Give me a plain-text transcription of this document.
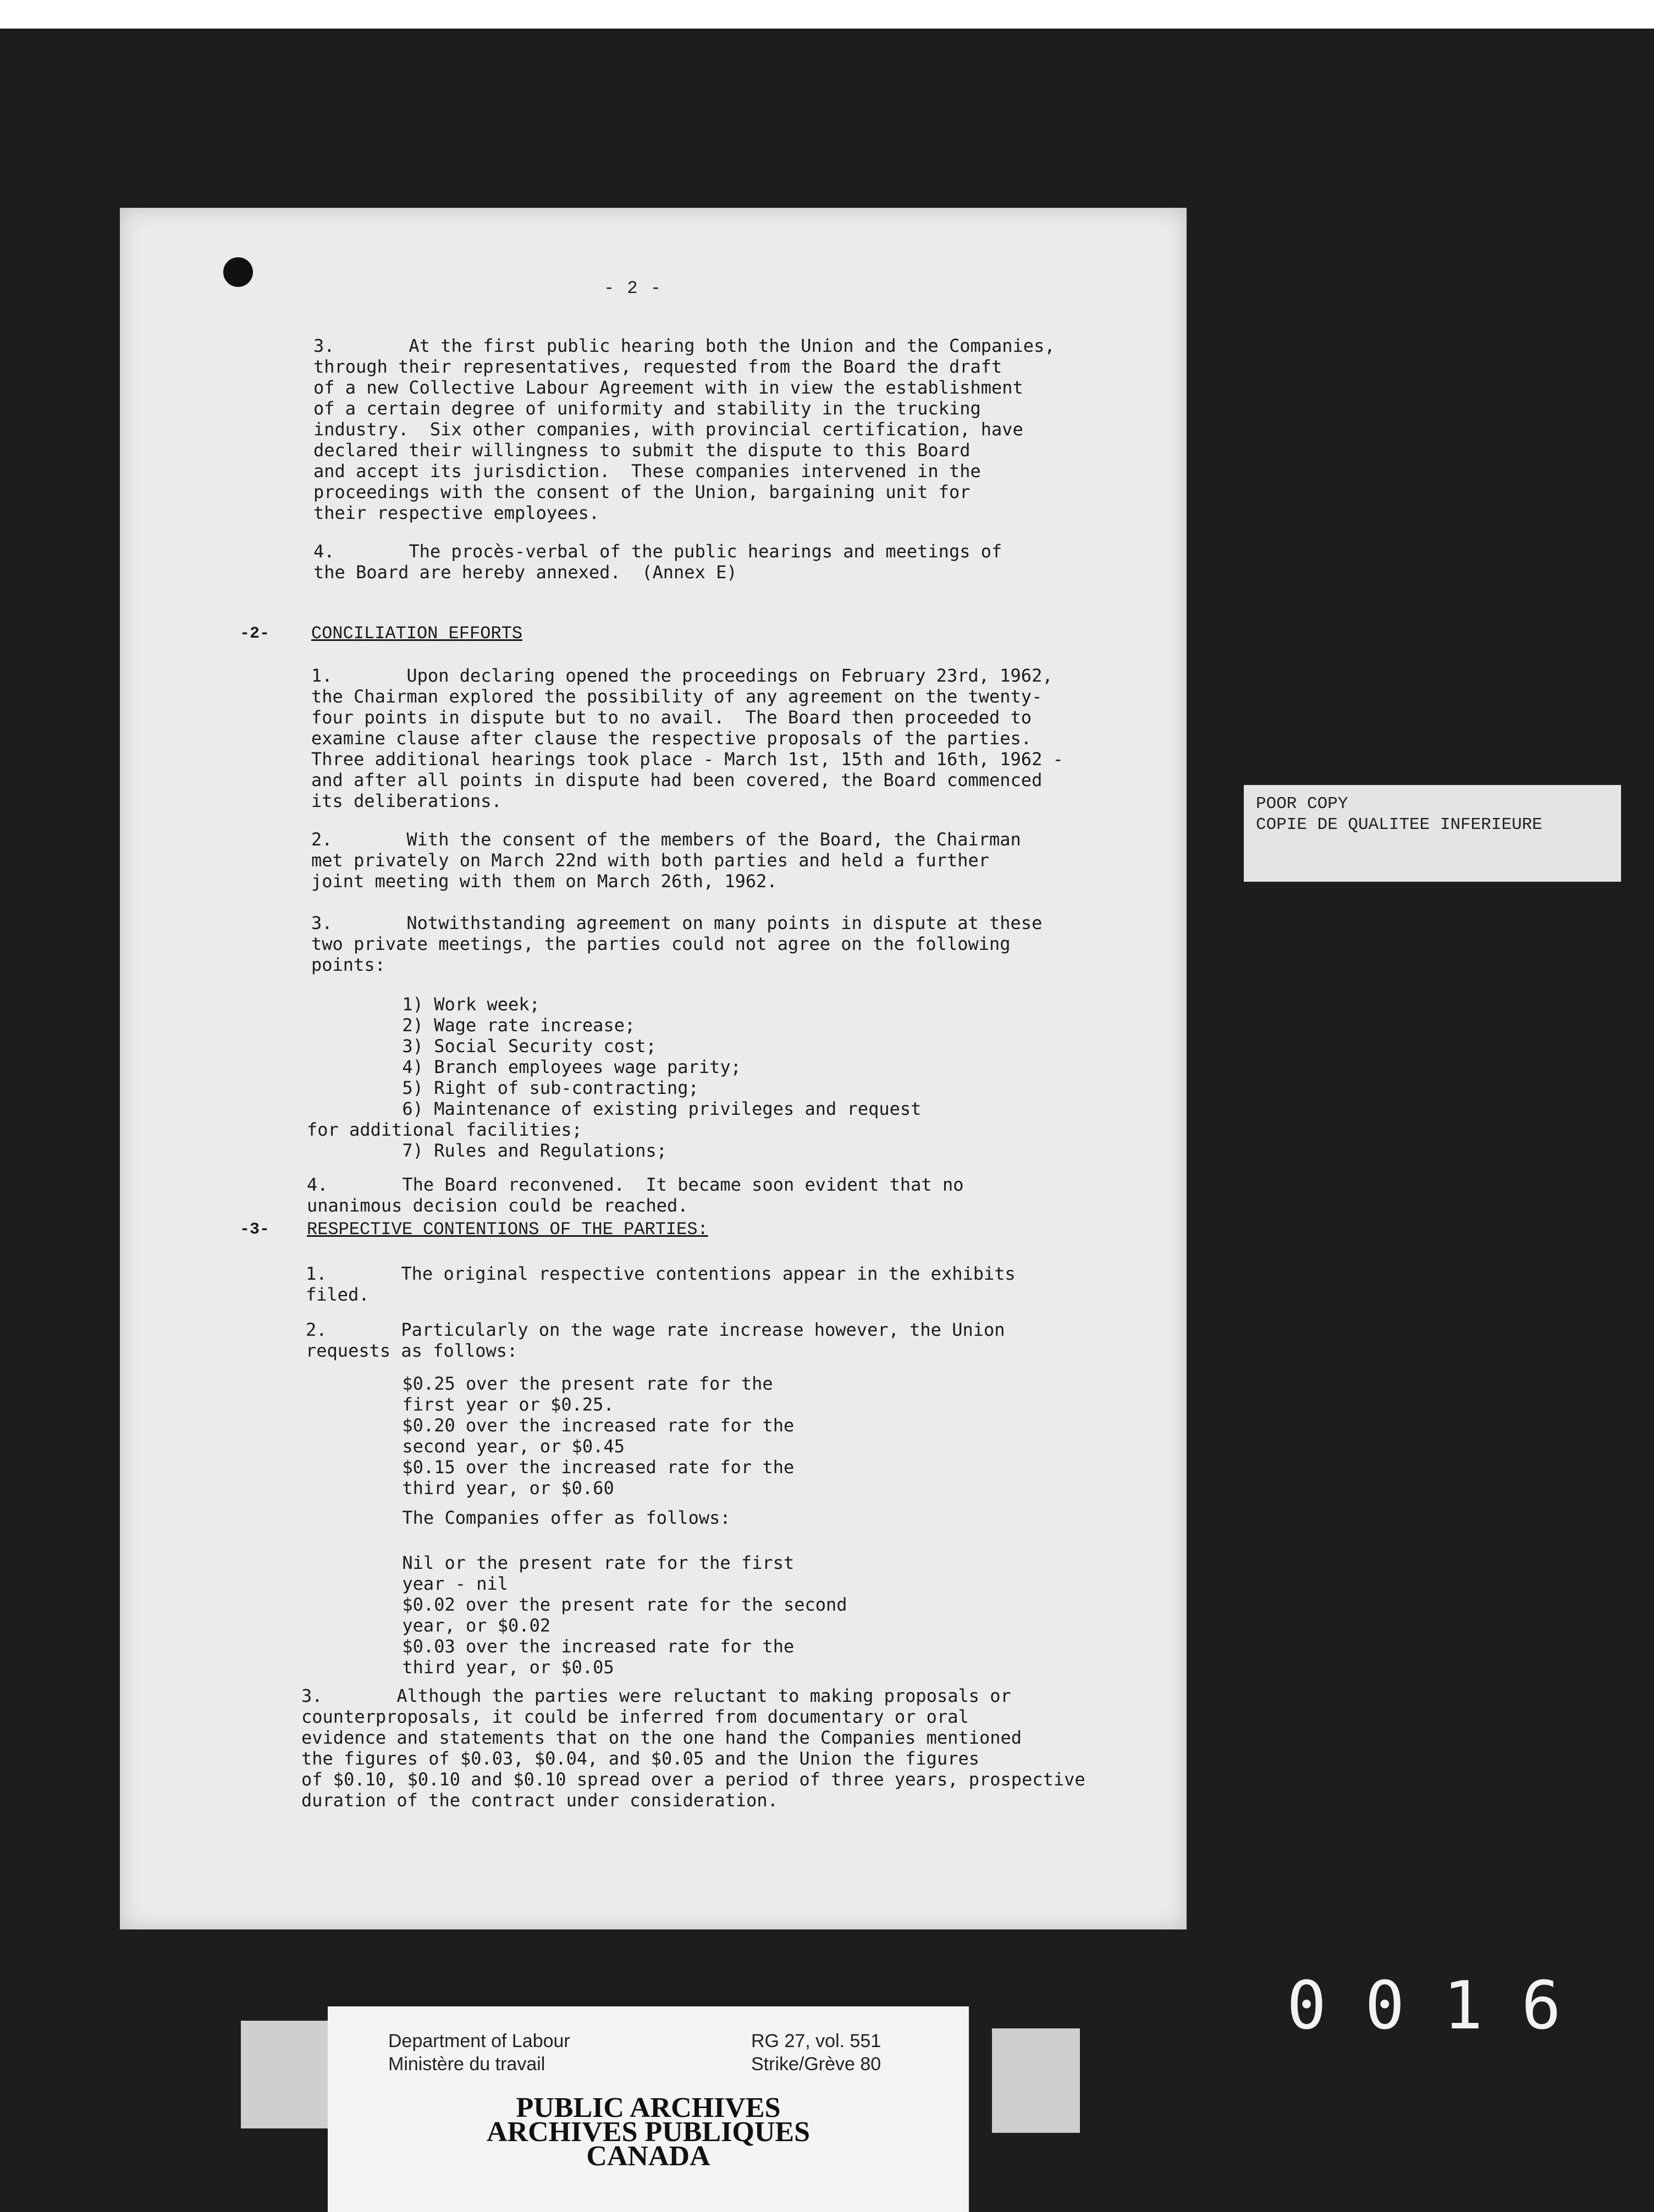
- 2 -
3.       At the first public hearing both the Union and the Companies,
through their representatives, requested from the Board the draft
of a new Collective Labour Agreement with in view the establishment
of a certain degree of uniformity and stability in the trucking
industry.  Six other companies, with provincial certification, have
declared their willingness to submit the dispute to this Board
and accept its jurisdiction.  These companies intervened in the
proceedings with the consent of the Union, bargaining unit for
their respective employees.
4.       The procès-verbal of the public hearings and meetings of
the Board are hereby annexed.  (Annex E)
-2- CONCILIATION EFFORTS
1.       Upon declaring opened the proceedings on February 23rd, 1962,
the Chairman explored the possibility of any agreement on the twenty-
four points in dispute but to no avail.  The Board then proceeded to
examine clause after clause the respective proposals of the parties.
Three additional hearings took place - March 1st, 15th and 16th, 1962 -
and after all points in dispute had been covered, the Board commenced
its deliberations.
2.       With the consent of the members of the Board, the Chairman
met privately on March 22nd with both parties and held a further
joint meeting with them on March 26th, 1962.
3.       Notwithstanding agreement on many points in dispute at these
two private meetings, the parties could not agree on the following
points:
1) Work week;
2) Wage rate increase;
3) Social Security cost;
4) Branch employees wage parity;
5) Right of sub-contracting;
6) Maintenance of existing privileges and request
for additional facilities;
7) Rules and Regulations;
4.       The Board reconvened.  It became soon evident that no
unanimous decision could be reached.
-3- RESPECTIVE CONTENTIONS OF THE PARTIES:
1.       The original respective contentions appear in the exhibits
filed.
2.       Particularly on the wage rate increase however, the Union
requests as follows:
$0.25 over the present rate for the
first year or $0.25.
$0.20 over the increased rate for the
second year, or $0.45
$0.15 over the increased rate for the
third year, or $0.60
The Companies offer as follows:
Nil or the present rate for the first
year - nil
$0.02 over the present rate for the second
year, or $0.02
$0.03 over the increased rate for the
third year, or $0.05
3.       Although the parties were reluctant to making proposals or
counterproposals, it could be inferred from documentary or oral
evidence and statements that on the one hand the Companies mentioned
the figures of $0.03, $0.04, and $0.05 and the Union the figures
of $0.10, $0.10 and $0.10 spread over a period of three years, prospective
duration of the contract under consideration.
POOR COPY
COPIE DE QUALITEE INFERIEURE
0016
Department of Labour
Ministère du travail
RG 27, vol. 551
Strike/Grève 80
PUBLIC ARCHIVES
ARCHIVES PUBLIQUES
CANADA
